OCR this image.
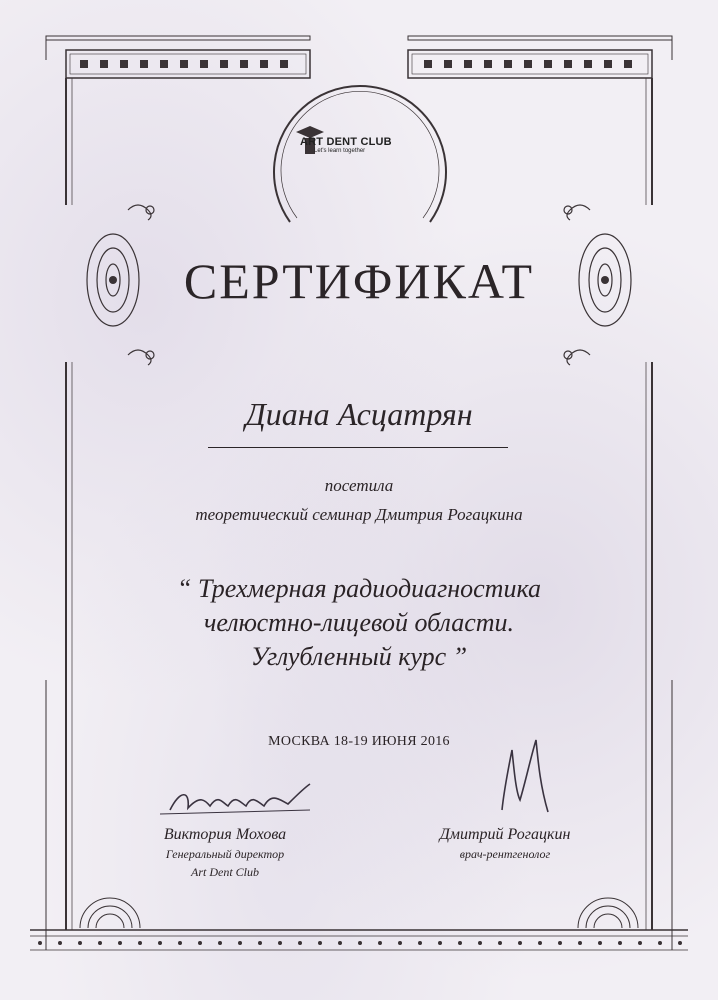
ART DENT CLUB
Let's learn together
СЕРТИФИКАТ
Диана Асцатрян
посетила
теоретический семинар Дмитрия Рогацкина
“ Трехмерная радиодиагностика
челюстно-лицевой области.
Углубленный курс ”
МОСКВА 18-19 ИЮНЯ 2016
Виктория Мохова
Генеральный директор
Art Dent Club
Дмитрий Рогацкин
врач-рентгенолог
